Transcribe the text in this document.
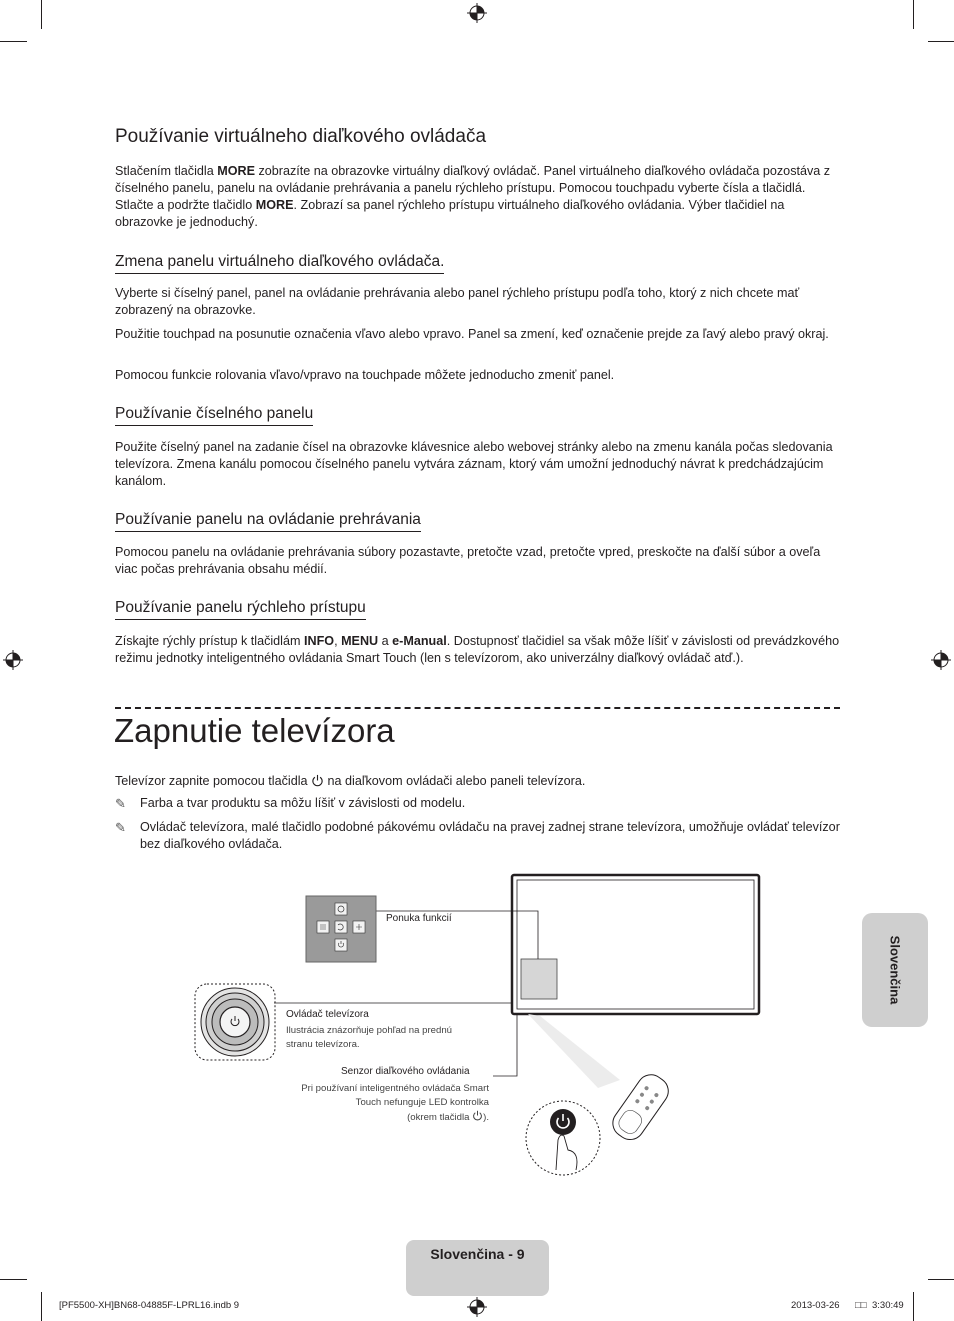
Používanie virtuálneho diaľkového ovládača

Stlačením tlačidla MORE zobrazíte na obrazovke virtuálny diaľkový ovládač. Panel virtuálneho diaľkového ovládača pozostáva z číselného panelu, panelu na ovládanie prehrávania a panelu rýchleho prístupu. Pomocou touchpadu vyberte čísla a tlačidlá. Stlačte a podržte tlačidlo MORE. Zobrazí sa panel rýchleho prístupu virtuálneho diaľkového ovládania. Výber tlačidiel na obrazovke je jednoduchý.

Zmena panelu virtuálneho diaľkového ovládača.

Vyberte si číselný panel, panel na ovládanie prehrávania alebo panel rýchleho prístupu podľa toho, ktorý z nich chcete mať zobrazený na obrazovke.

Použitie touchpad na posunutie označenia vľavo alebo vpravo. Panel sa zmení, keď označenie prejde za ľavý alebo pravý okraj.

Pomocou funkcie rolovania vľavo/vpravo na touchpade môžete jednoducho zmeniť panel.

Používanie číselného panelu

Použite číselný panel na zadanie čísel na obrazovke klávesnice alebo webovej stránky alebo na zmenu kanála počas sledovania televízora. Zmena kanálu pomocou číselného panelu vytvára záznam, ktorý vám umožní jednoduchý návrat k predchádzajúcim kanálom.

Používanie panelu na ovládanie prehrávania

Pomocou panelu na ovládanie prehrávania súbory pozastavte, pretočte vzad, pretočte vpred, preskočte na ďalší súbor a oveľa viac počas prehrávania obsahu médií.

Používanie panelu rýchleho prístupu

Získajte rýchly prístup k tlačidlám INFO, MENU a e-Manual. Dostupnosť tlačidiel sa však môže líšiť v závislosti od prevádzkového režimu jednotky inteligentného ovládania Smart Touch (len s televízorom, ako univerzálny diaľkový ovládač atď.).

Zapnutie televízora

Televízor zapnite pomocou tlačidla  na diaľkovom ovládači alebo paneli televízora.

✎ Farba a tvar produktu sa môžu líšiť v závislosti od modelu.
✎ Ovládač televízora, malé tlačidlo podobné pákovému ovládaču na pravej zadnej strane televízora, umožňuje ovládať televízor bez diaľkového ovládača.
Ponuka funkcií
Ovládač televízora
Ilustrácia znázorňuje pohľad na prednú stranu televízora.
Senzor diaľkového ovládania
Pri používaní inteligentného ovládača Smart Touch nefunguje LED kontrolka
(okrem tlačidla ).
Slovenčina
Slovenčina - 9
[PF5500-XH]BN68-04885F-LPRL16.indb 9	2013-03-26 □□ 3:30:49
